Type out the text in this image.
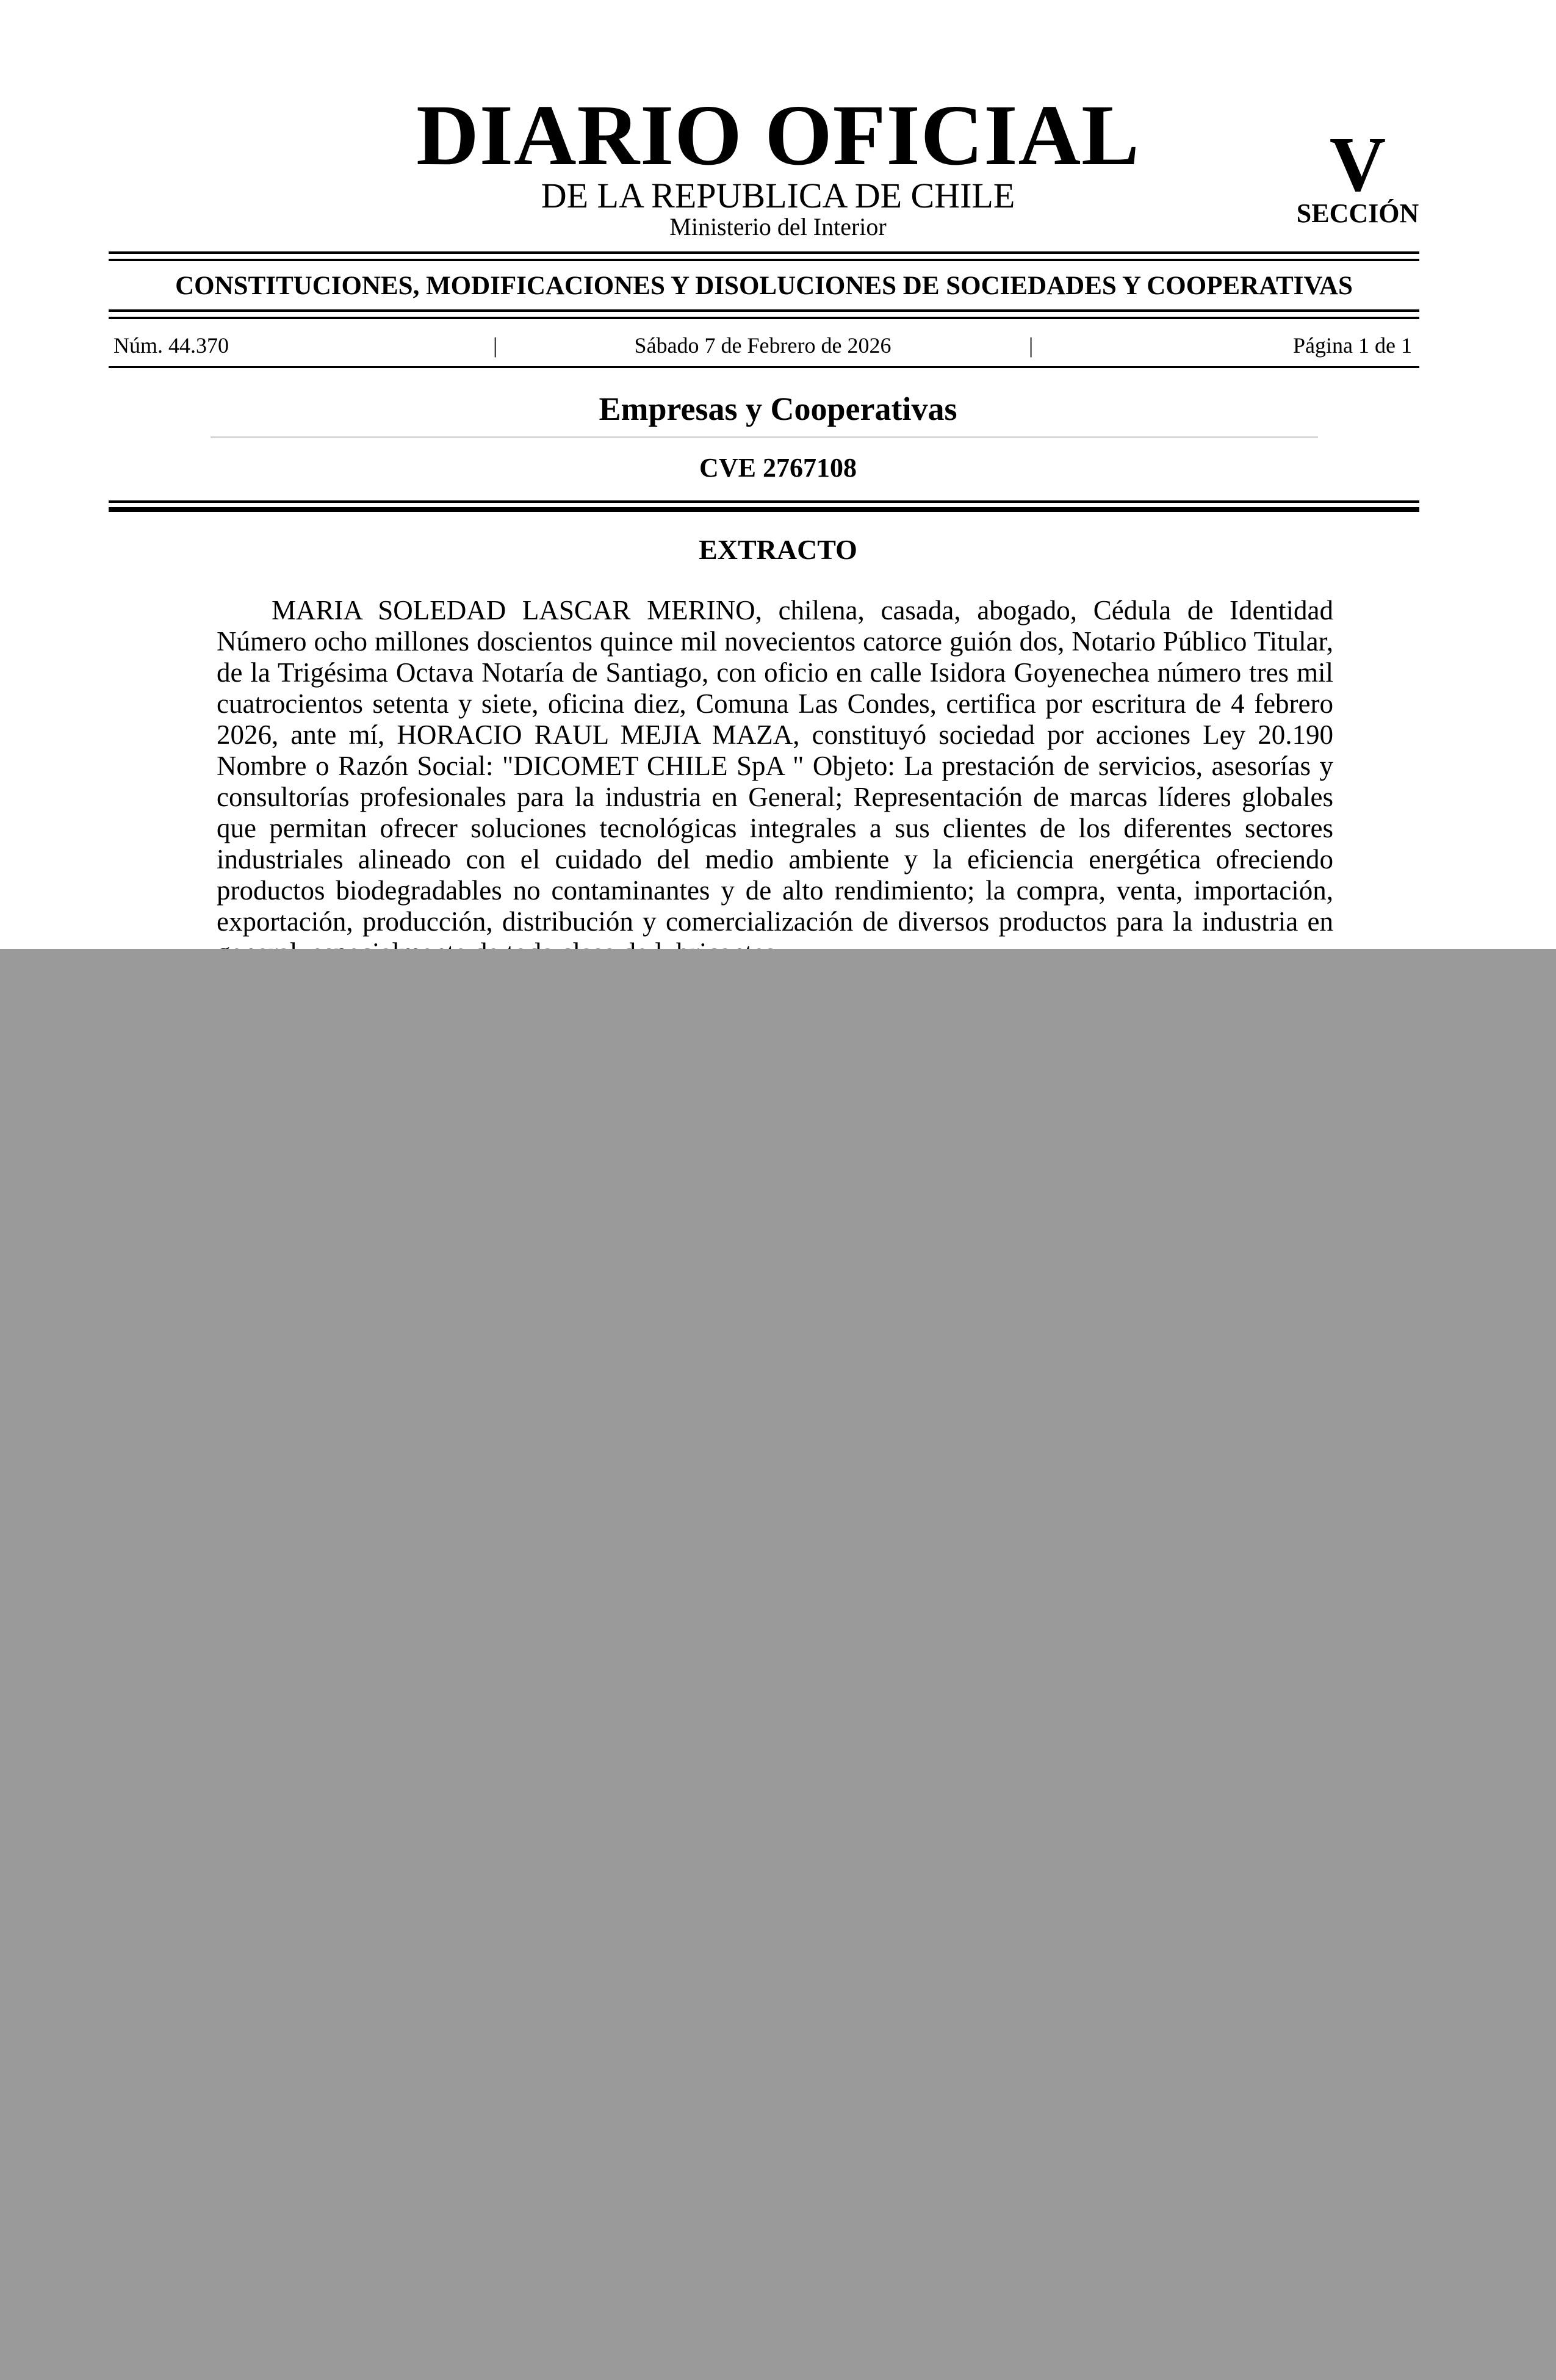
DIARIO OFICIAL
DE LA REPUBLICA DE CHILE
Ministerio del Interior
V
SECCIÓN
CONSTITUCIONES, MODIFICACIONES Y DISOLUCIONES DE SOCIEDADES Y COOPERATIVAS
Núm. 44.370	|	Sábado 7 de Febrero de 2026	|	Página 1 de 1
Empresas y Cooperativas
CVE 2767108
EXTRACTO

MARIA SOLEDAD LASCAR MERINO, chilena, casada, abogado, Cédula de Identidad Número ocho millones doscientos quince mil novecientos catorce guión dos, Notario Público Titular, de la Trigésima Octava Notaría de Santiago, con oficio en calle Isidora Goyenechea número tres mil cuatrocientos setenta y siete, oficina diez, Comuna Las Condes, certifica por escritura de 4 febrero 2026, ante mí, HORACIO RAUL MEJIA MAZA, constituyó sociedad por acciones Ley 20.190 Nombre o Razón Social: "DICOMET CHILE SpA " Objeto: La prestación de servicios, asesorías y consultorías profesionales para la industria en General; Representación de marcas líderes globales que permitan ofrecer soluciones tecnológicas integrales a sus clientes de los diferentes sectores industriales alineado con el cuidado del medio ambiente y la eficiencia energética ofreciendo productos biodegradables no contaminantes y de alto rendimiento; la compra, venta, importación, exportación, producción, distribución y comercialización de diversos productos para la industria en
